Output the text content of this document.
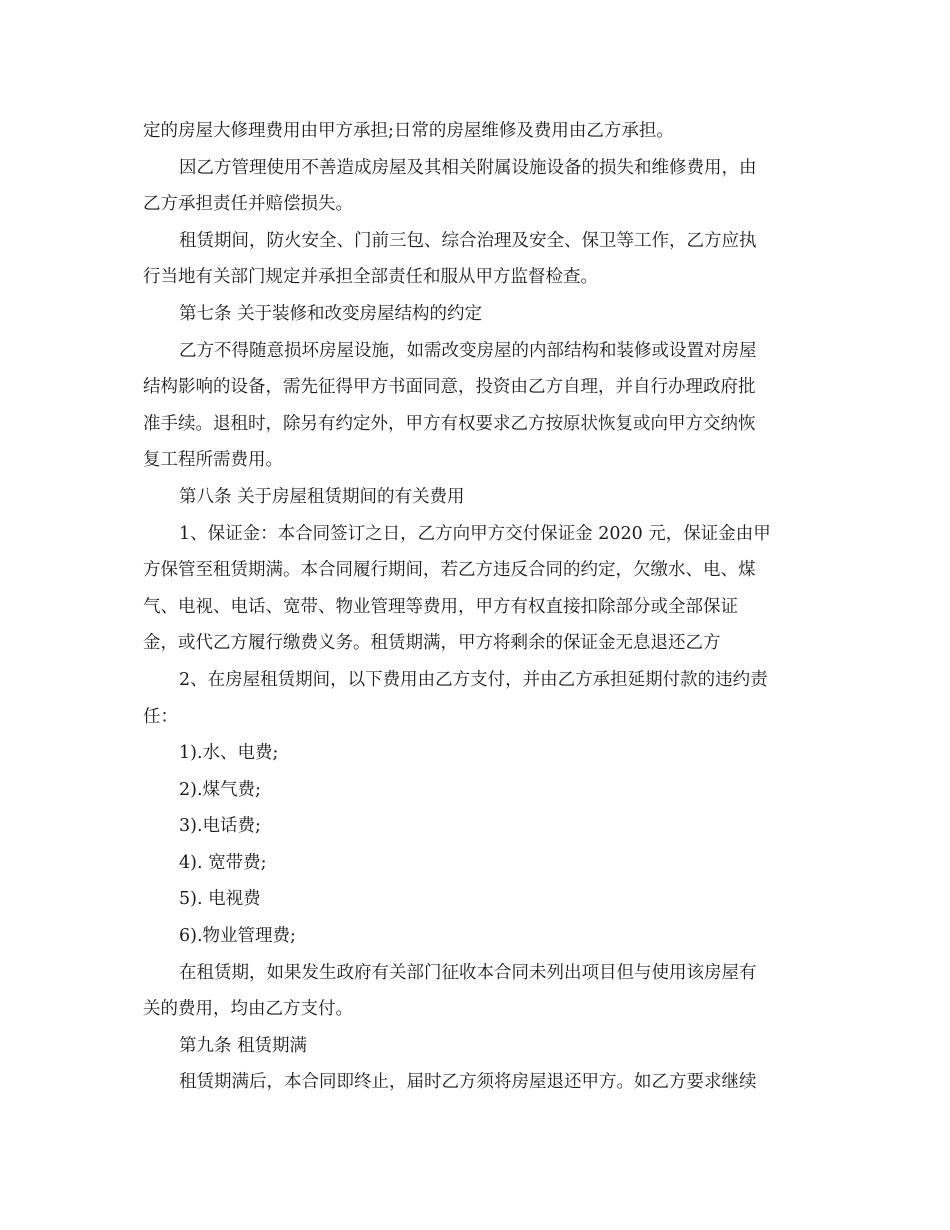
定的房屋大修理费用由甲方承担;日常的房屋维修及费用由乙方承担。
因乙方管理使用不善造成房屋及其相关附属设施设备的损失和维修费用，由
乙方承担责任并赔偿损失。
租赁期间，防火安全、门前三包、综合治理及安全、保卫等工作，乙方应执
行当地有关部门规定并承担全部责任和服从甲方监督检查。
第七条 关于装修和改变房屋结构的约定
乙方不得随意损坏房屋设施，如需改变房屋的内部结构和装修或设置对房屋
结构影响的设备，需先征得甲方书面同意，投资由乙方自理，并自行办理政府批
准手续。退租时，除另有约定外，甲方有权要求乙方按原状恢复或向甲方交纳恢
复工程所需费用。
第八条 关于房屋租赁期间的有关费用
1、保证金：本合同签订之日，乙方向甲方交付保证金 2020 元，保证金由甲
方保管至租赁期满。本合同履行期间，若乙方违反合同的约定，欠缴水、电、煤
气、电视、电话、宽带、物业管理等费用，甲方有权直接扣除部分或全部保证
金，或代乙方履行缴费义务。租赁期满，甲方将剩余的保证金无息退还乙方
2、在房屋租赁期间，以下费用由乙方支付，并由乙方承担延期付款的违约责
任：
1).水、电费;
2).煤气费;
3).电话费;
4). 宽带费;
5). 电视费
6).物业管理费;
在租赁期，如果发生政府有关部门征收本合同未列出项目但与使用该房屋有
关的费用，均由乙方支付。
第九条 租赁期满
租赁期满后，本合同即终止，届时乙方须将房屋退还甲方。如乙方要求继续
